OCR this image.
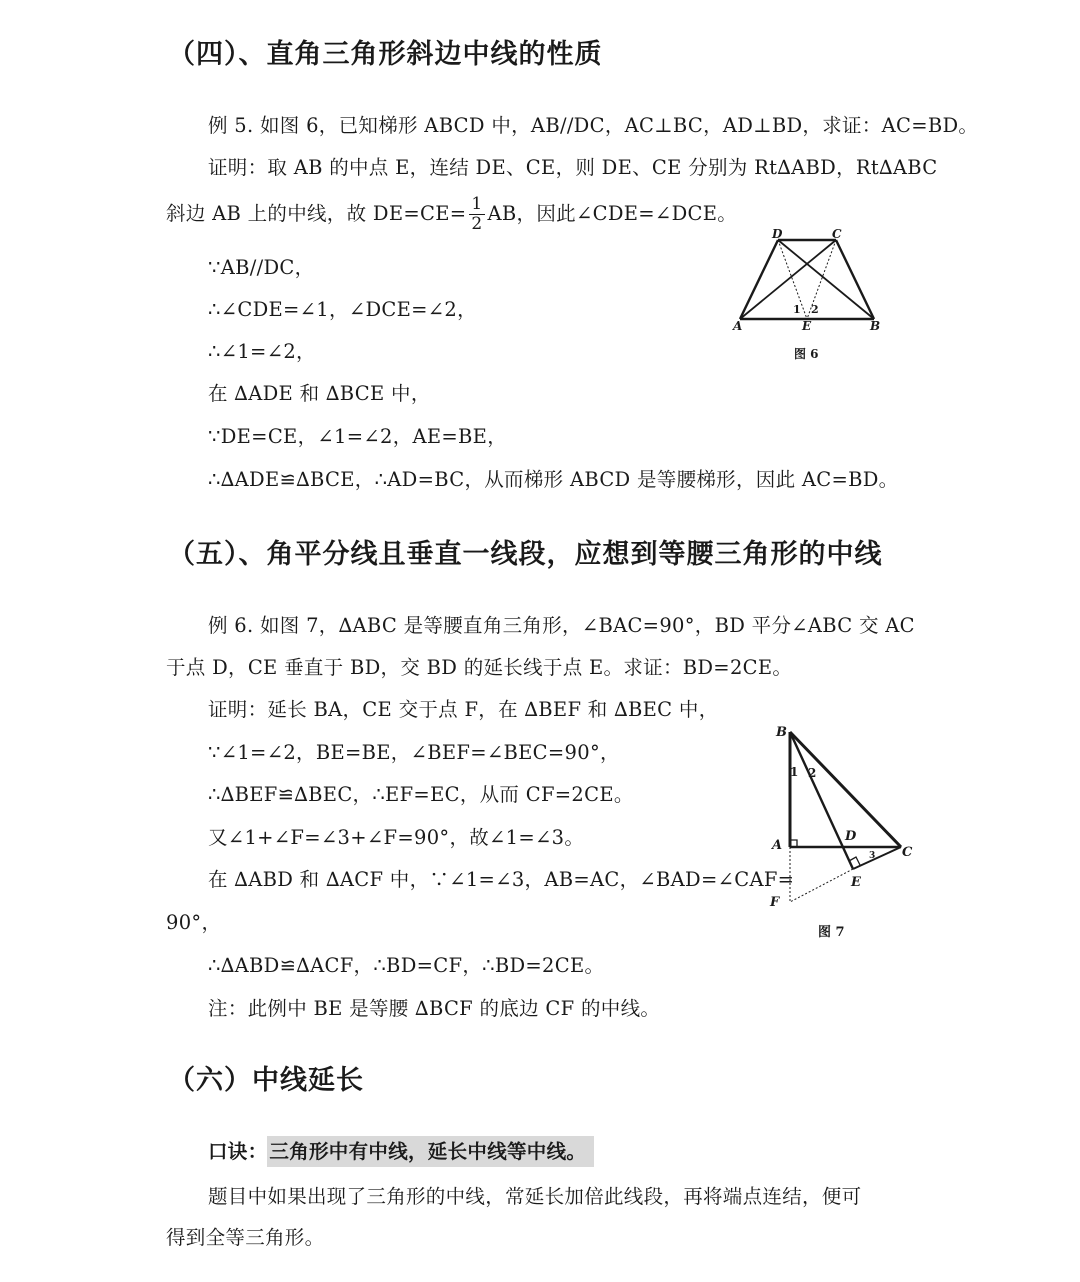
（四）、直角三角形斜边中线的性质
例 5. 如图 6，已知梯形 ABCD 中，AB//DC，AC⊥BC，AD⊥BD，求证：AC=BD。
证明：取 AB 的中点 E，连结 DE、CE，则 DE、CE 分别为 Rt∆ABD，Rt∆ABC
斜边 AB 上的中线，故 $DE=CE= \frac{1}{2}$ AB，因此∠CDE=∠DCE。
∵AB//DC，
∴∠CDE=∠1，∠DCE=∠2，
∴∠1=∠2，
在 ∆ADE 和 ∆BCE 中，
∵DE=CE，∠1=∠2，AE=BE，
∴∆ADE≌∆BCE，∴AD=BC，从而梯形 ABCD 是等腰梯形，因此 AC=BD。
D	C
A	B
E
1 2
图 6
（五）、角平分线且垂直一线段，应想到等腰三角形的中线
例 6. 如图 7，∆ABC 是等腰直角三角形，∠BAC=90°，BD 平分∠ABC 交 AC
于点 D，CE 垂直于 BD，交 BD 的延长线于点 E。求证：BD=2CE。
证明：延长 BA，CE 交于点 F，在 ∆BEF 和 ∆BEC 中，
∵∠1=∠2，BE=BE，∠BEF=∠BEC=90°，
∴∆BEF≌∆BEC，∴EF=EC，从而 CF=2CE。
又∠1+∠F=∠3+∠F=90°，故∠1=∠3。
在 ∆ABD 和 ∆ACF 中，∵∠1=∠3，AB=AC，∠BAD=∠CAF=
90°，
∴∆ABD≌∆ACF，∴BD=CF，∴BD=2CE。
注：此例中 BE 是等腰 ∆BCF 的底边 CF 的中线。
B
A	C
D
E
F
1 2
3
图 7
（六）中线延长
口诀： 三角形中有中线，延长中线等中线。
题目中如果出现了三角形的中线，常延长加倍此线段，再将端点连结，便可
得到全等三角形。
